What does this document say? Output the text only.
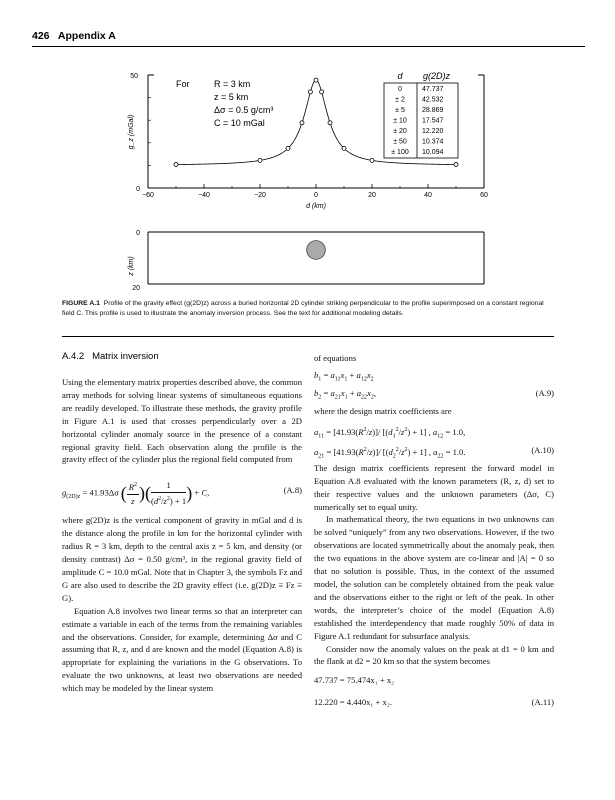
426 Appendix A
−60	−40	−20	0	20	40	60
50
0
d (km)
g_z (mGal)
For	R = 3 km
z = 5 km
Δσ = 0.5 g/cm³
C = 10 mGal
d g(2D)z
0	47.737
± 2 42.532
± 5 28.869
± 10 17.547
± 20 12.220
± 50 10.374
± 100 10.094
0
20
z (km)
FIGURE A.1 Profile of the gravity effect (g(2D)z) across a buried horizontal 2D cylinder striking perpendicular to the profile superimposed on a constant regional field C. This profile is used to illustrate the anomaly inversion process. See the text for additional modeling details.
A.4.2 Matrix inversion

Using the elementary matrix properties described above, the common array methods for solving linear systems of simultaneous equations are readily developed. To illustrate these methods, the gravity profile in Figure A.1 is used that crosses perpendicularly over a 2D horizontal cylinder anomaly source in the presence of a constant regional gravity field. Each observation along the profile is the gravity effect of the cylinder plus the regional field computed from

$g_{(2D)z} = 41.93\Delta\sigma$ ( $\frac{R^2}{z}$ )( $\frac{1}{(d^2/z^2) + 1}$ ) + C,	(A.8)

where g(2D)z is the vertical component of gravity in mGal and d is the distance along the profile in km for the horizontal cylinder with radius R = 3 km, depth to the central axis z = 5 km, and density (or density contrast) Δσ = 0.50 g/cm³, in the regional gravity field of amplitude C = 10.0 mGal. Note that in Chapter 3, the symbols Fz and G are also used to describe the 2D gravity effect (i.e. g(2D)z ≡ Fz ≡ G).

Equation A.8 involves two linear terms so that an interpreter can estimate a variable in each of the terms from the remaining variables and the observations. Consider, for example, determining Δσ and C assuming that R, z, and d are known and the model (Equation A.8) is appropriate for explaining the variations in the G observations. To evaluate the two unknowns, at least two observations are needed which may be modeled by the linear system

of equations

$b_1 = a_{11}x_1 + a_{12}x_2$
$b_2 = a_{21}x_1 + a_{22}x_2$,	(A.9)

where the design matrix coefficients are

$a_{11} = [41.93(R^2/z)]/$ $[(d_1^2/z^2) + 1]$ , $a_{12} = 1.0$,
$a_{21} = [41.93(R^2/z)]/$ $[(d_2^2/z^2) + 1]$ , $a_{22} = 1.0$.	(A.10)

The design matrix coefficients represent the forward model in Equation A.8 evaluated with the known parameters (R, z, d) set to their respective values and the unknown parameters (Δσ, C) numerically set to equal unity.

In mathematical theory, the two equations in two unknowns can be solved “uniquely” from any two observations. However, if the two observations are located symmetrically about the anomaly peak, then the two equations in the above system are co-linear and |A| = 0 so that no solution is possible. Thus, in the context of the assumed model, the solution can be completely obtained from the peak value and the observations either to the right or left of the peak. In other words, the interpreter’s choice of the model (Equation A.8) established the interdependency that made roughly 50% of data in Figure A.1 redundant for subsurface analysis.

Consider now the anomaly values on the peak at d1 = 0 km and the flank at d2 = 20 km so that the system becomes

47.737 = 75.474x₁ + x₂
12.220 = 4.440x₁ + x₂.	(A.11)
